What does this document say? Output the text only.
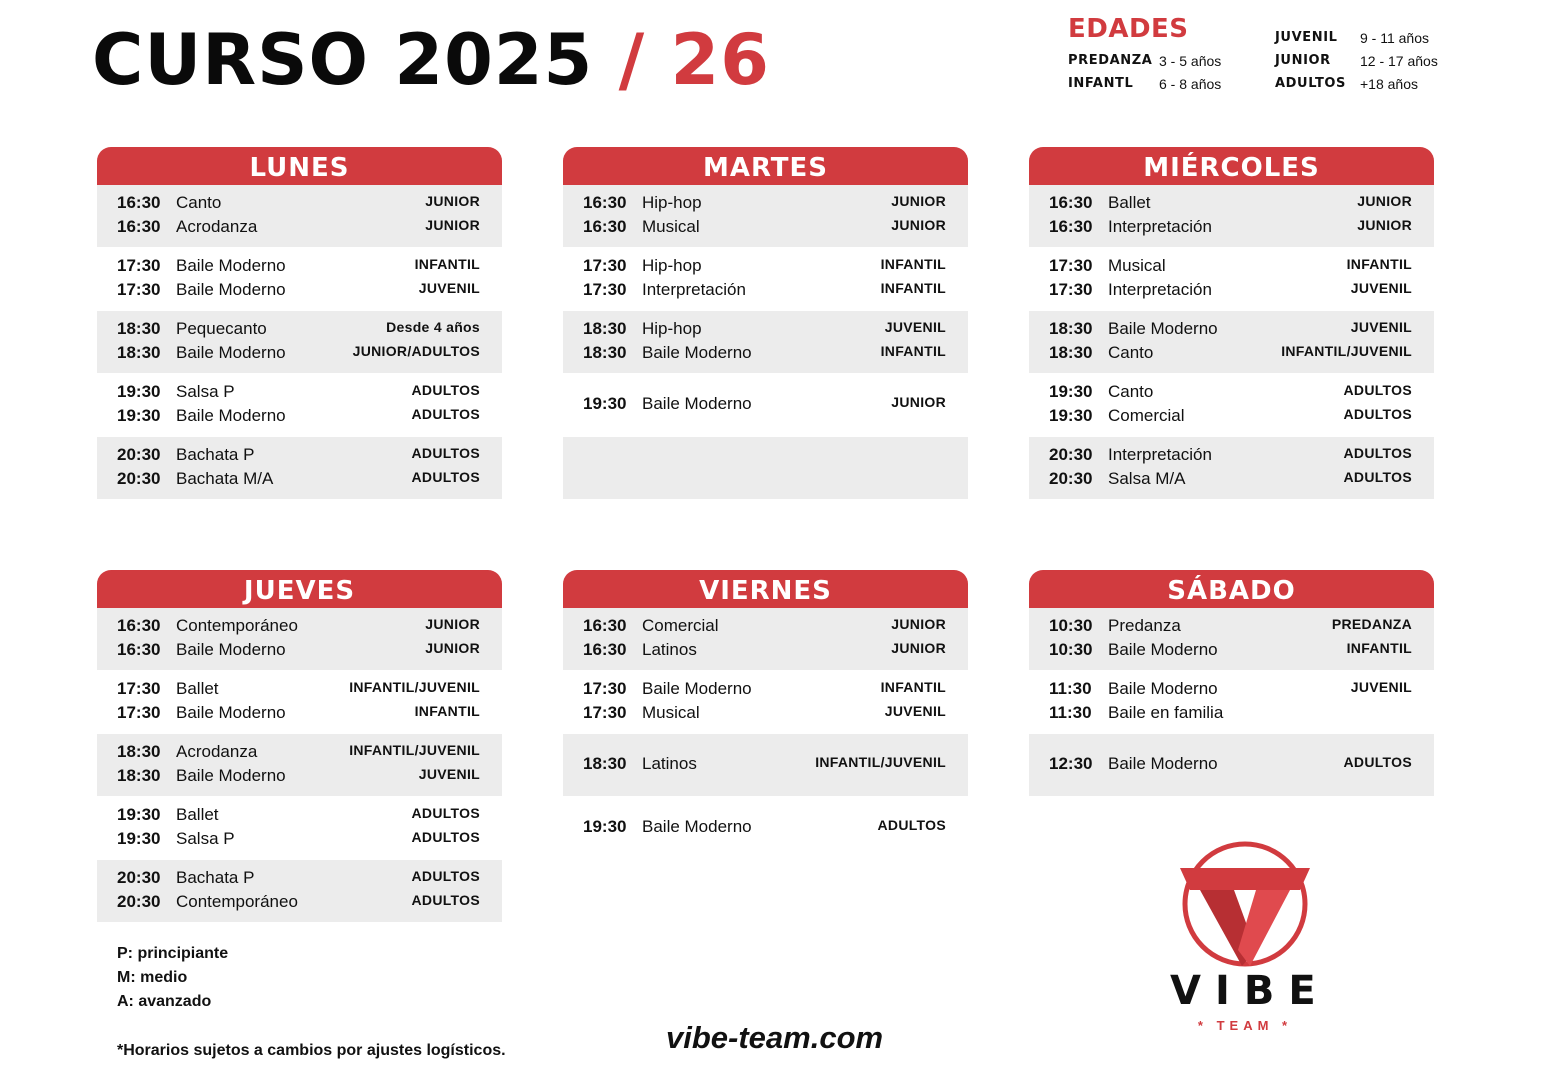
CURSO 2025 / 26	EDADES
PREDANZA 3 - 5 años
INFANTL 6 - 8 años
JUVENIL 9 - 11 años
JUNIOR 12 - 17 años
ADULTOS +18 años
LUNES
16:30 Canto	JUNIOR
16:30 Acrodanza	JUNIOR
17:30 Baile Moderno	INFANTIL
17:30 Baile Moderno	JUVENIL
18:30 Pequecanto	Desde 4 años
18:30 Baile Moderno	JUNIOR/ADULTOS
19:30 Salsa P	ADULTOS
19:30 Baile Moderno	ADULTOS
20:30 Bachata P	ADULTOS
20:30 Bachata M/A	ADULTOS
MARTES
16:30 Hip-hop	JUNIOR
16:30 Musical	JUNIOR
17:30 Hip-hop	INFANTIL
17:30 Interpretación	INFANTIL
18:30 Hip-hop	JUVENIL
18:30 Baile Moderno	INFANTIL
19:30 Baile Moderno	JUNIOR
MIÉRCOLES
16:30 Ballet	JUNIOR
16:30 Interpretación	JUNIOR
17:30 Musical	INFANTIL
17:30 Interpretación	JUVENIL
18:30 Baile Moderno	JUVENIL
18:30 Canto	INFANTIL/JUVENIL
19:30 Canto	ADULTOS
19:30 Comercial	ADULTOS
20:30 Interpretación	ADULTOS
20:30 Salsa M/A	ADULTOS
JUEVES
16:30 Contemporáneo	JUNIOR
16:30 Baile Moderno	JUNIOR
17:30 Ballet	INFANTIL/JUVENIL
17:30 Baile Moderno	INFANTIL
18:30 Acrodanza	INFANTIL/JUVENIL
18:30 Baile Moderno	JUVENIL
19:30 Ballet	ADULTOS
19:30 Salsa P	ADULTOS
20:30 Bachata P	ADULTOS
20:30 Contemporáneo	ADULTOS
VIERNES
16:30 Comercial	JUNIOR
16:30 Latinos	JUNIOR
17:30 Baile Moderno	INFANTIL
17:30 Musical	JUVENIL
18:30 Latinos	INFANTIL/JUVENIL
19:30 Baile Moderno	ADULTOS
SÁBADO
10:30 Predanza	PREDANZA
10:30 Baile Moderno	INFANTIL
11:30 Baile Moderno	JUVENIL
11:30 Baile en familia
12:30 Baile Moderno	ADULTOS
P: principiante
M: medio
A: avanzado
*Horarios sujetos a cambios por ajustes logísticos.	vibe-team.com

VIBE

* TEAM *
